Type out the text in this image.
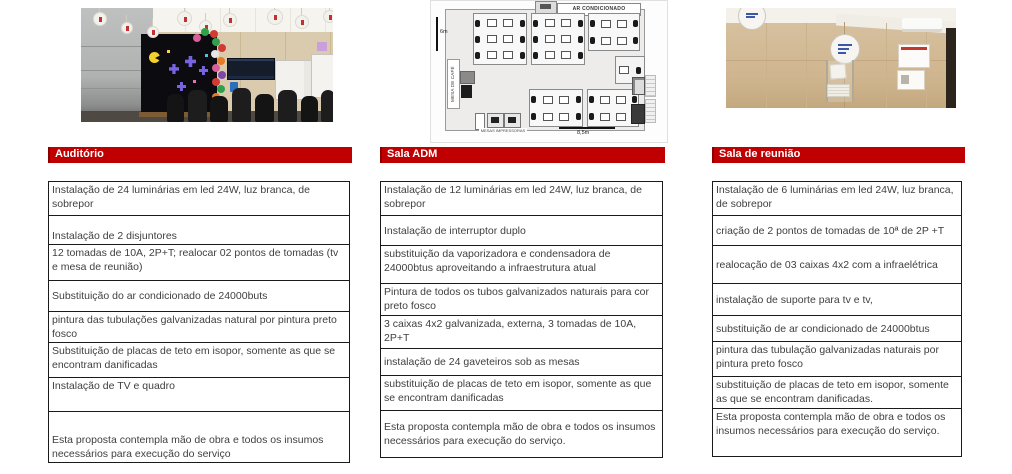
AR CONDICIONADO
6m
MESA DE CAFÉ
MESAS IMPRESSORAS	8,5m
Auditório
Instalação de 24 luminárias em led 24W, luz branca, de sobrepor
Instalação de 2 disjuntores
12 tomadas de 10A, 2P+T; realocar 02 pontos de tomadas (tv e mesa de reunião)
Substituição do ar condicionado de 24000buts
pintura das tubulações galvanizadas natural por pintura preto fosco
Substituição de placas de teto em isopor, somente as que se encontram danificadas
Instalação de TV e quadro
Esta proposta contempla mão de obra e todos os insumos necessários para execução do serviço
Sala ADM
Instalação de 12 luminárias em led 24W, luz branca, de sobrepor
Instalação de interruptor duplo
substituição da vaporizadora e condensadora de 24000btus aproveitando a infraestrutura atual
Pintura de todos os tubos galvanizados naturais para cor preto fosco
3 caixas 4x2 galvanizada, externa, 3 tomadas de 10A, 2P+T
instalação de 24 gaveteiros sob as mesas
substituição de placas de teto em isopor, somente as que se encontram danificadas
Esta proposta contempla mão de obra e todos os insumos necessários para execução do serviço.
Sala de reunião
Instalação de 6 luminárias em led 24W, luz branca, de sobrepor
criação de 2 pontos de tomadas de 10ª de 2P +T
realocação de 03 caixas 4x2 com a infraelétrica
instalação de suporte para tv e tv,
substituição de ar condicionado de 24000btus
pintura das tubulação galvanizadas naturais por pintura preto fosco
substituição de placas de teto em isopor, somente as que se encontram danificadas.
Esta proposta contempla mão de obra e todos os insumos necessários para execução do serviço.
